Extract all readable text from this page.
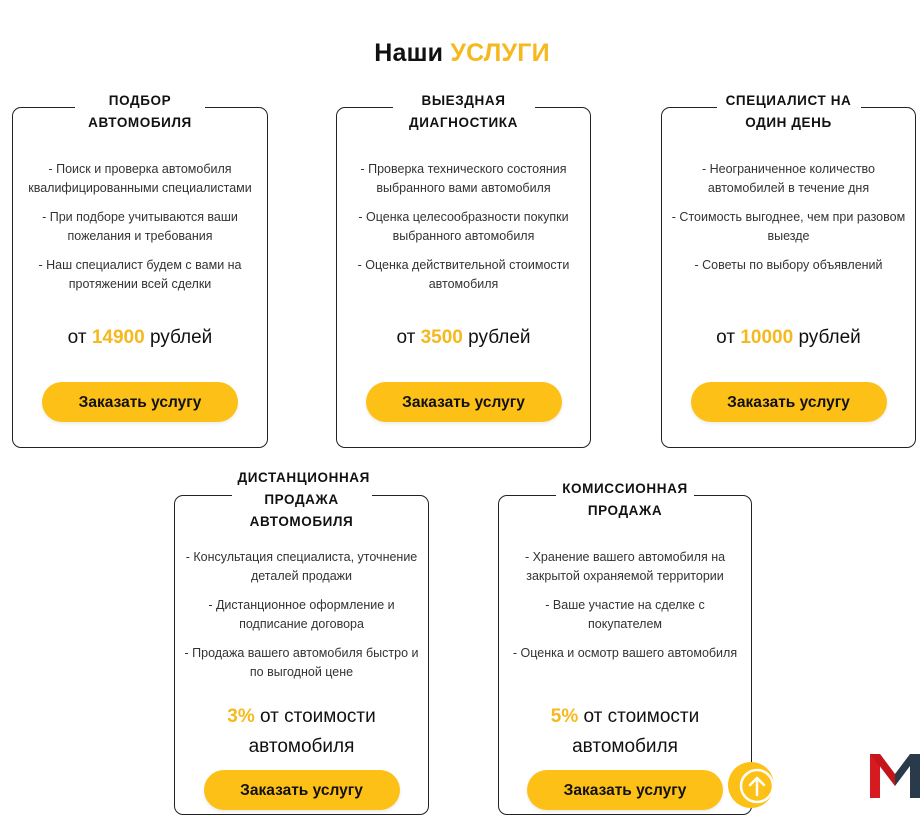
Наши УСЛУГИ
ПОДБОР
АВТОМОБИЛЯ
- Поиск и проверка автомобиля квалифицированными специалистами
- При подборе учитываются ваши пожелания и требования
- Наш специалист будем с вами на протяжении всей сделки
от 14900 рублей
Заказать услугу
ВЫЕЗДНАЯ
ДИАГНОСТИКА
- Проверка технического состояния выбранного вами автомобиля
- Оценка целесообразности покупки выбранного автомобиля
- Оценка действительной стоимости автомобиля
от 3500 рублей
Заказать услугу
СПЕЦИАЛИСТ НА
ОДИН ДЕНЬ
- Неограниченное количество автомобилей в течение дня
- Стоимость выгоднее, чем при разовом выезде
- Советы по выбору объявлений
от 10000 рублей
Заказать услугу
ДИСТАНЦИОННАЯ
ПРОДАЖА
АВТОМОБИЛЯ
- Консультация специалиста, уточнение деталей продажи
- Дистанционное оформление и подписание договора
- Продажа вашего автомобиля быстро и по выгодной цене
3% от стоимости автомобиля
Заказать услугу
КОМИССИОННАЯ
ПРОДАЖА
- Хранение вашего автомобиля на закрытой охраняемой территории
- Ваше участие на сделке с покупателем
- Оценка и осмотр вашего автомобиля
5% от стоимости автомобиля
Заказать услугу
